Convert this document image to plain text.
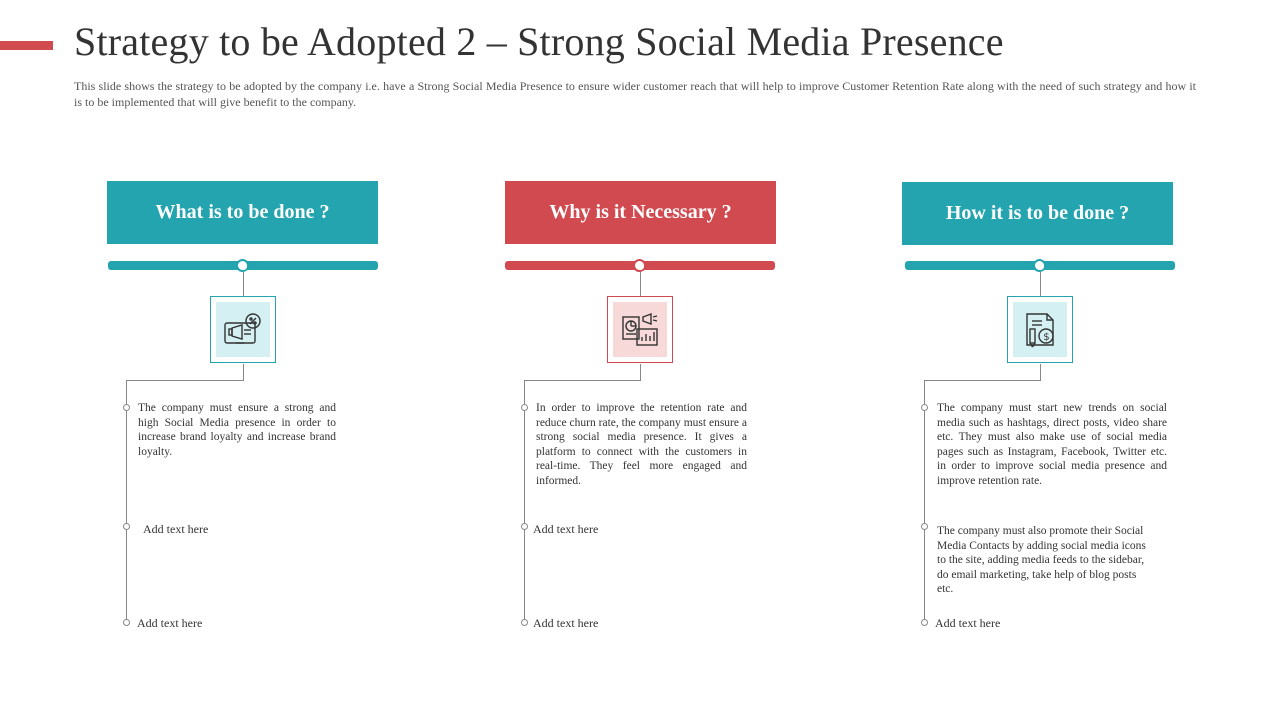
Strategy to be Adopted 2 – Strong Social Media Presence

This slide shows the strategy to be adopted by the company i.e. have a Strong Social Media Presence to ensure wider customer reach that will help to improve Customer Retention Rate along with the need of such strategy and how it is to be implemented that will give benefit to the company.

What is to be done ?

The company must ensure a strong and high Social Media presence in order to increase brand loyalty and increase brand loyalty.

Add text here
Add text here
Why is it Necessary ?

In order to improve the retention rate and reduce churn rate, the company must ensure a strong social media presence. It gives a platform to connect with the customers in real-time. They feel more engaged and informed.

Add text here
Add text here
How it is to be done ?
$

The company must start new trends on social media such as hashtags, direct posts, video share etc. They must also make use of social media pages such as Instagram, Facebook, Twitter etc. in order to improve social media presence and improve retention rate.

The company must also promote their Social Media Contacts by adding social media icons to the site, adding media feeds to the sidebar, do email marketing, take help of blog posts etc.

Add text here
